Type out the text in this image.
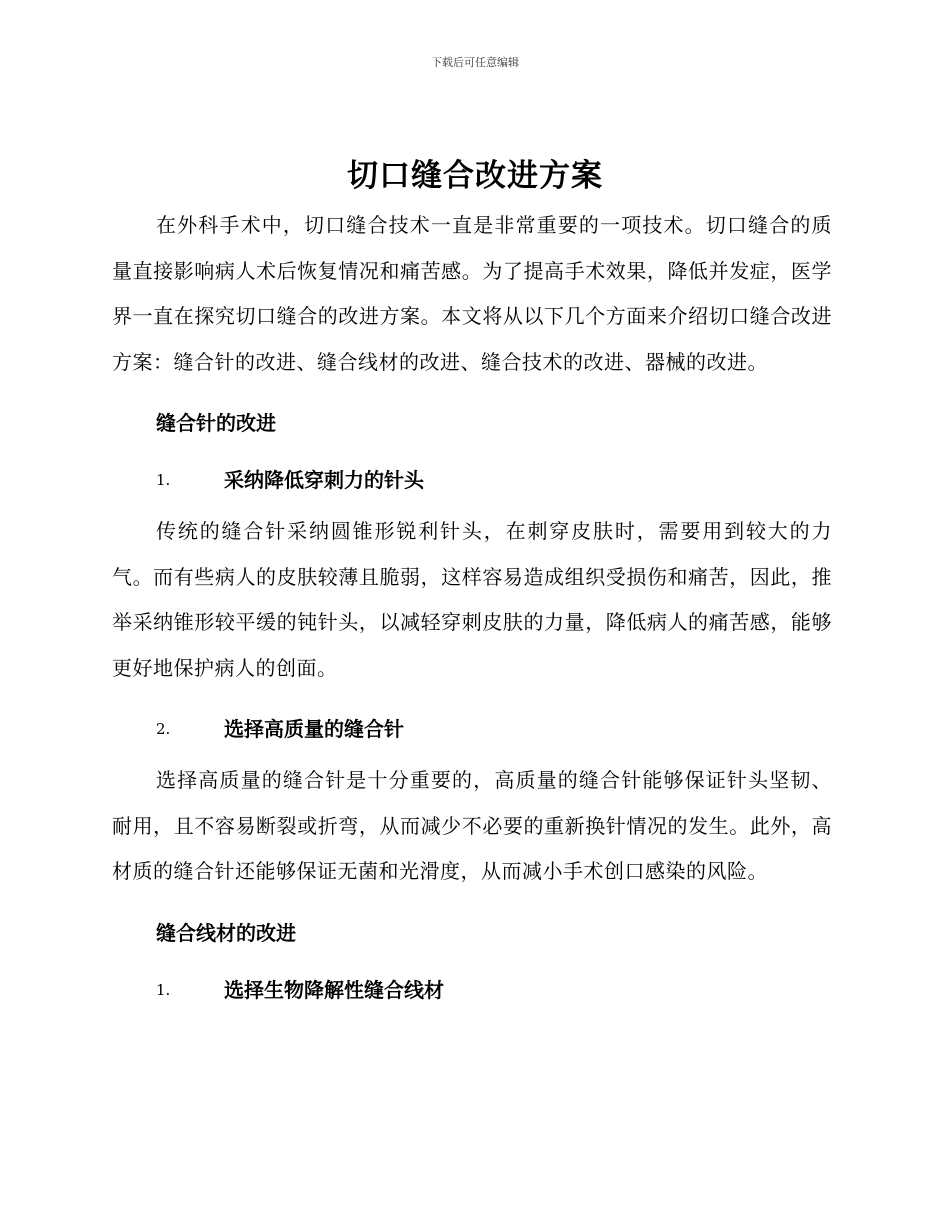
下载后可任意编辑
切口缝合改进方案

在外科手术中，切口缝合技术一直是非常重要的一项技术。切口缝合的质量直接影响病人术后恢复情况和痛苦感。为了提高手术效果，降低并发症，医学界一直在探究切口缝合的改进方案。本文将从以下几个方面来介绍切口缝合改进方案：缝合针的改进、缝合线材的改进、缝合技术的改进、器械的改进。

缝合针的改进
1.	采纳降低穿刺力的针头

传统的缝合针采纳圆锥形锐利针头，在刺穿皮肤时，需要用到较大的力气。而有些病人的皮肤较薄且脆弱，这样容易造成组织受损伤和痛苦，因此，推举采纳锥形较平缓的钝针头，以减轻穿刺皮肤的力量，降低病人的痛苦感，能够更好地保护病人的创面。

2.	选择高质量的缝合针

选择高质量的缝合针是十分重要的，高质量的缝合针能够保证针头坚韧、耐用，且不容易断裂或折弯，从而减少不必要的重新换针情况的发生。此外，高材质的缝合针还能够保证无菌和光滑度，从而减小手术创口感染的风险。

缝合线材的改进
1.	选择生物降解性缝合线材
